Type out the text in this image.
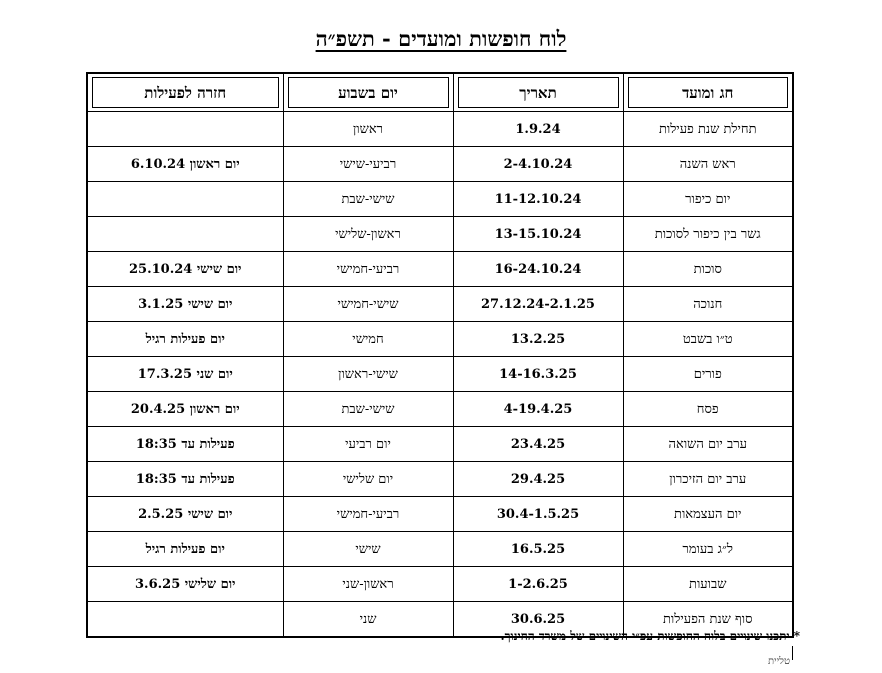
לוח חופשות ומועדים - תשפ״ה
חג ומועד	תאריך	יום בשבוע	חזרה לפעילות

תחילת שנת פעילות	1.9.24	ראשון	
ראש השנה	2-4.10.24	רביעי-שישי	יום ראשון 6.10.24
יום כיפור	11-12.10.24	שישי-שבת	
גשר בין כיפור לסוכות	13-15.10.24	ראשון-שלישי	
סוכות	16-24.10.24	רביעי-חמישי	יום שישי 25.10.24
חנוכה	27.12.24-2.1.25	שישי-חמישי	יום שישי 3.1.25
ט״ו בשבט	13.2.25	חמישי	יום פעילות רגיל
פורים	14-16.3.25	שישי-ראשון	יום שני 17.3.25
פסח	4-19.4.25	שישי-שבת	יום ראשון 20.4.25
ערב יום השואה	23.4.25	יום רביעי	פעילות עד 18:35
ערב יום הזיכרון	29.4.25	יום שלישי	פעילות עד 18:35
יום העצמאות	30.4-1.5.25	רביעי-חמישי	יום שישי 2.5.25
ל״ג בעומר	16.5.25	שישי	יום פעילות רגיל
שבועות	1-2.6.25	ראשון-שני	יום שלישי 3.6.25
סוף שנת הפעילות	30.6.25	שני	
* יתכנו שינויים בלוח החופשות עפ״י השינויים של משרד החינוך.
טליית
